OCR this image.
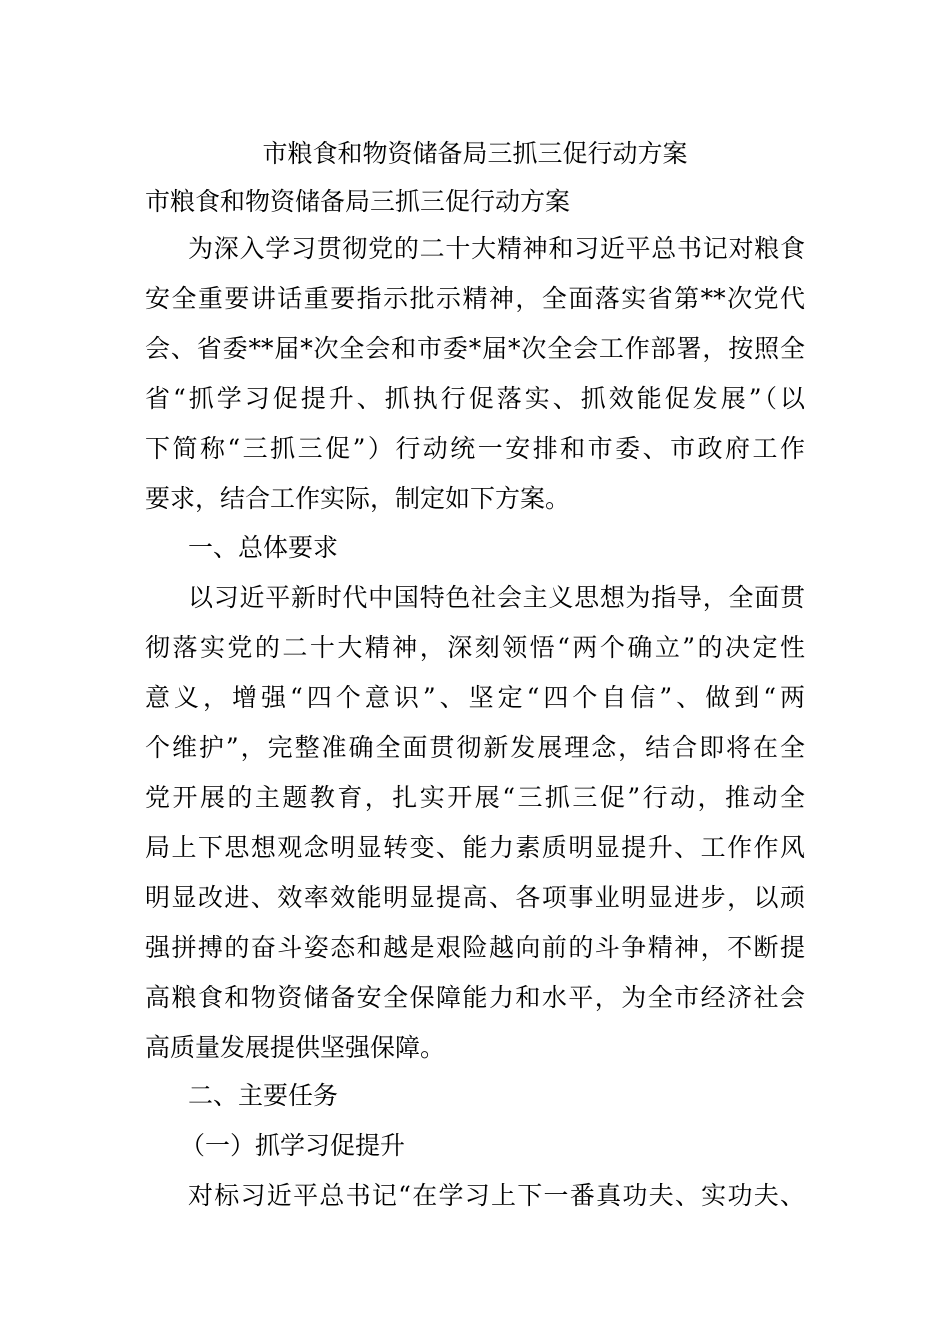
市粮食和物资储备局三抓三促行动方案
市粮食和物资储备局三抓三促行动方案
为深入学习贯彻党的二十大精神和习近平总书记对粮食
安全重要讲话重要指示批示精神，全面落实省第**次党代
会、省委**届*次全会和市委*届*次全会工作部署，按照全
省“抓学习促提升、抓执行促落实、抓效能促发展”（以
下简称“三抓三促”）行动统一安排和市委、市政府工作
要求，结合工作实际，制定如下方案。
一、总体要求
以习近平新时代中国特色社会主义思想为指导，全面贯
彻落实党的二十大精神，深刻领悟“两个确立”的决定性
意义，增强“四个意识”、坚定“四个自信”、做到“两
个维护”，完整准确全面贯彻新发展理念，结合即将在全
党开展的主题教育，扎实开展“三抓三促”行动，推动全
局上下思想观念明显转变、能力素质明显提升、工作作风
明显改进、效率效能明显提高、各项事业明显进步，以顽
强拼搏的奋斗姿态和越是艰险越向前的斗争精神，不断提
高粮食和物资储备安全保障能力和水平，为全市经济社会
高质量发展提供坚强保障。
二、主要任务
（一）抓学习促提升
对标习近平总书记“在学习上下一番真功夫、实功夫、
